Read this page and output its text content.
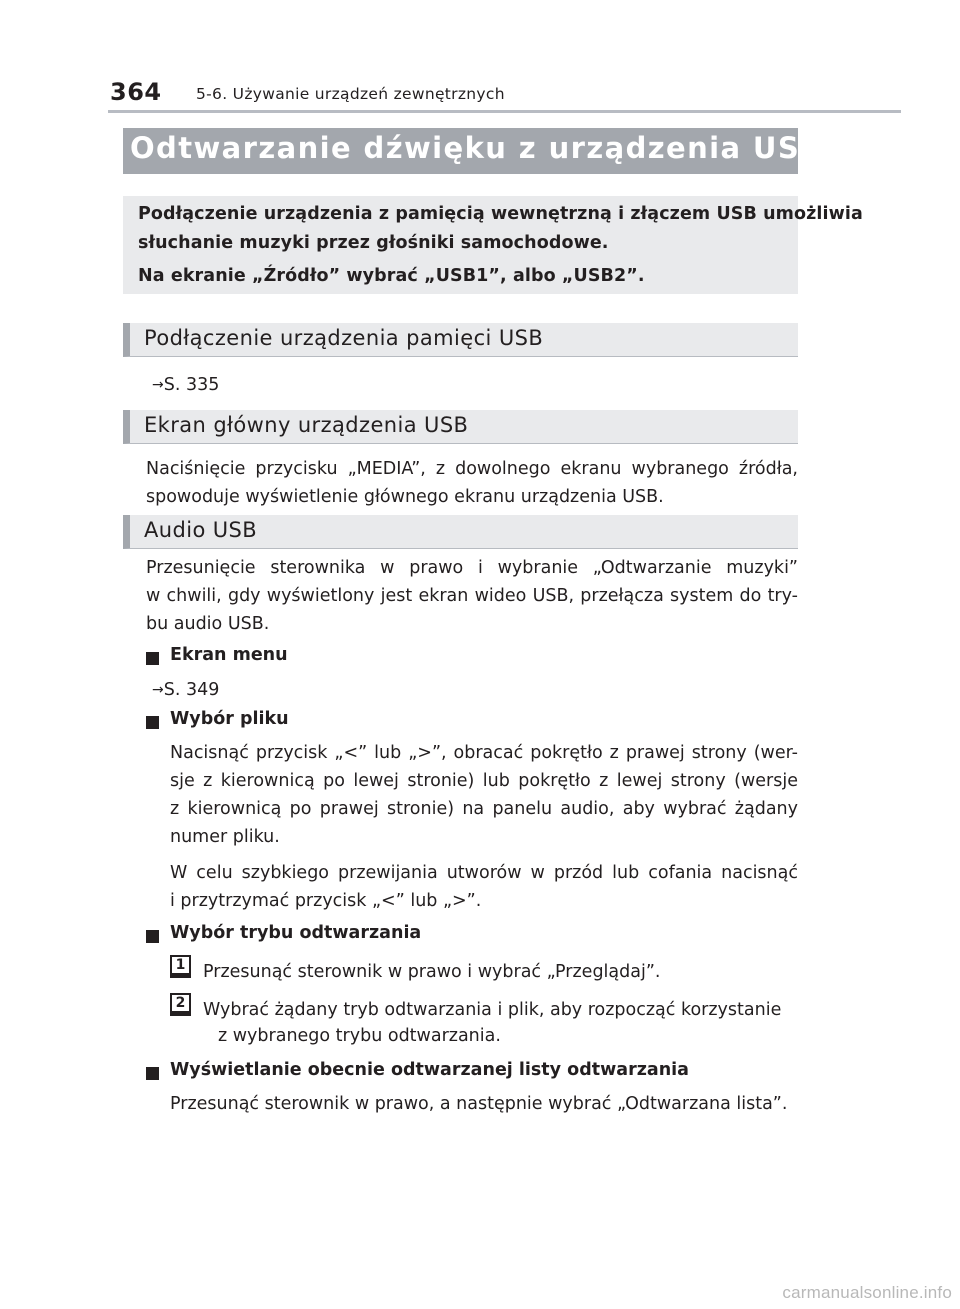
364 5-6. Używanie urządzeń zewnętrznych
Odtwarzanie dźwięku z urządzenia USB
Podłączenie urządzenia z pamięcią wewnętrzną i złączem USB umożliwia
słuchanie muzyki przez głośniki samochodowe.
Na ekranie „Źródło” wybrać „USB1”, albo „USB2”.
Podłączenie urządzenia pamięci USB
→S. 335
Ekran główny urządzenia USB
Naciśnięcie przycisku „MEDIA”, z dowolnego ekranu wybranego źródła,
spowoduje wyświetlenie głównego ekranu urządzenia USB.
Audio USB
Przesunięcie sterownika w prawo i wybranie „Odtwarzanie muzyki”
w chwili, gdy wyświetlony jest ekran wideo USB, przełącza system do try-
bu audio USB.
Ekran menu
→S. 349
Wybór pliku
Nacisnąć przycisk „<” lub „>”, obracać pokrętło z prawej strony (wer-
sje z kierownicą po lewej stronie) lub pokrętło z lewej strony (wersje
z kierownicą po prawej stronie) na panelu audio, aby wybrać żądany
numer pliku.
W celu szybkiego przewijania utworów w przód lub cofania nacisnąć
i przytrzymać przycisk „<” lub „>”.
Wybór trybu odtwarzania
1	Przesunąć sterownik w prawo i wybrać „Przeglądaj”.
2	Wybrać żądany tryb odtwarzania i plik, aby rozpocząć korzystanie
z wybranego trybu odtwarzania.
Wyświetlanie obecnie odtwarzanej listy odtwarzania
Przesunąć sterownik w prawo, a następnie wybrać „Odtwarzana lista”.
carmanualsonline.info
